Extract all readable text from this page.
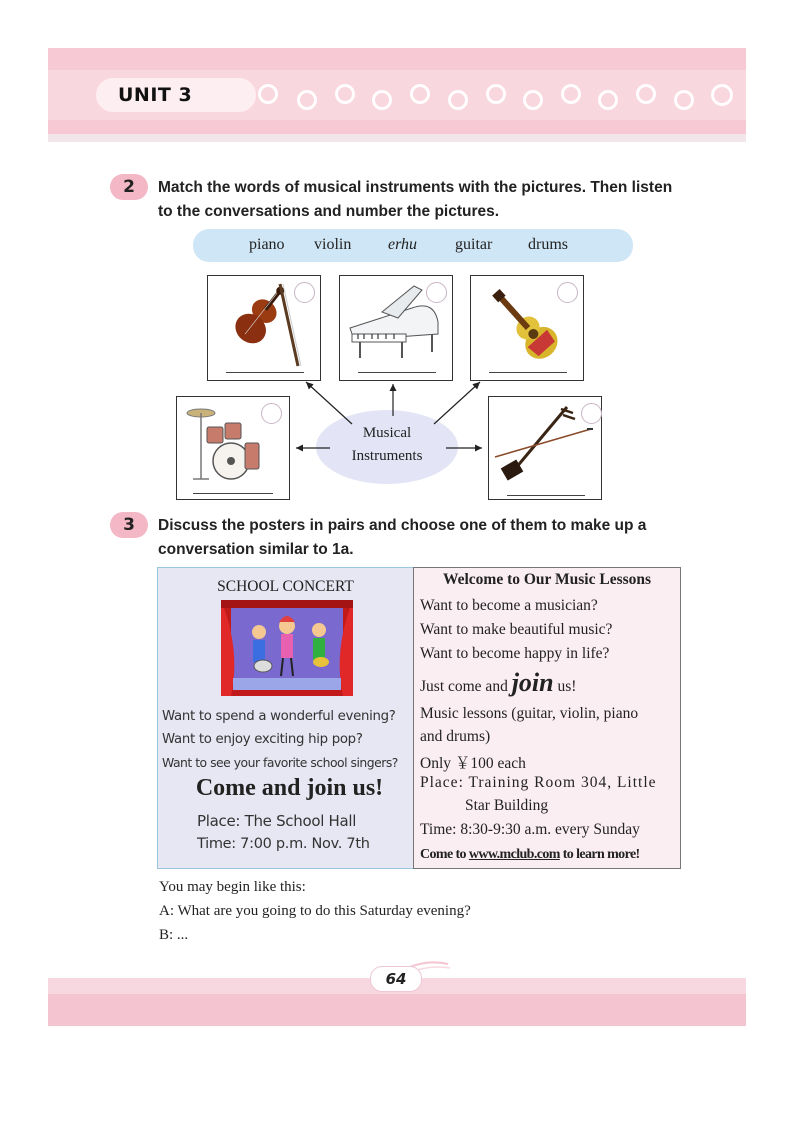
UNIT 3
2	Match the words of musical instruments with the pictures. Then listen
to the conversations and number the pictures.
piano violin erhu guitar drums
Musical
Instruments
3	Discuss the posters in pairs and choose one of them to make up a
conversation similar to 1a.
SCHOOL CONCERT
Want to spend a wonderful evening?
Want to enjoy exciting hip pop?
Want to see your favorite school singers?
Come and join us!
Place: The School Hall
Time: 7:00 p.m. Nov. 7th
Welcome to Our Music Lessons
Want to become a musician?
Want to make beautiful music?
Want to become happy in life?
Just come and join us!
Music lessons (guitar, violin, piano
and drums)
Only ￥100 each
Place: Training Room 304, Little
Star Building
Time: 8:30-9:30 a.m. every Sunday
Come to www.mclub.com to learn more!
You may begin like this:
A: What are you going to do this Saturday evening?
B: ...
64
